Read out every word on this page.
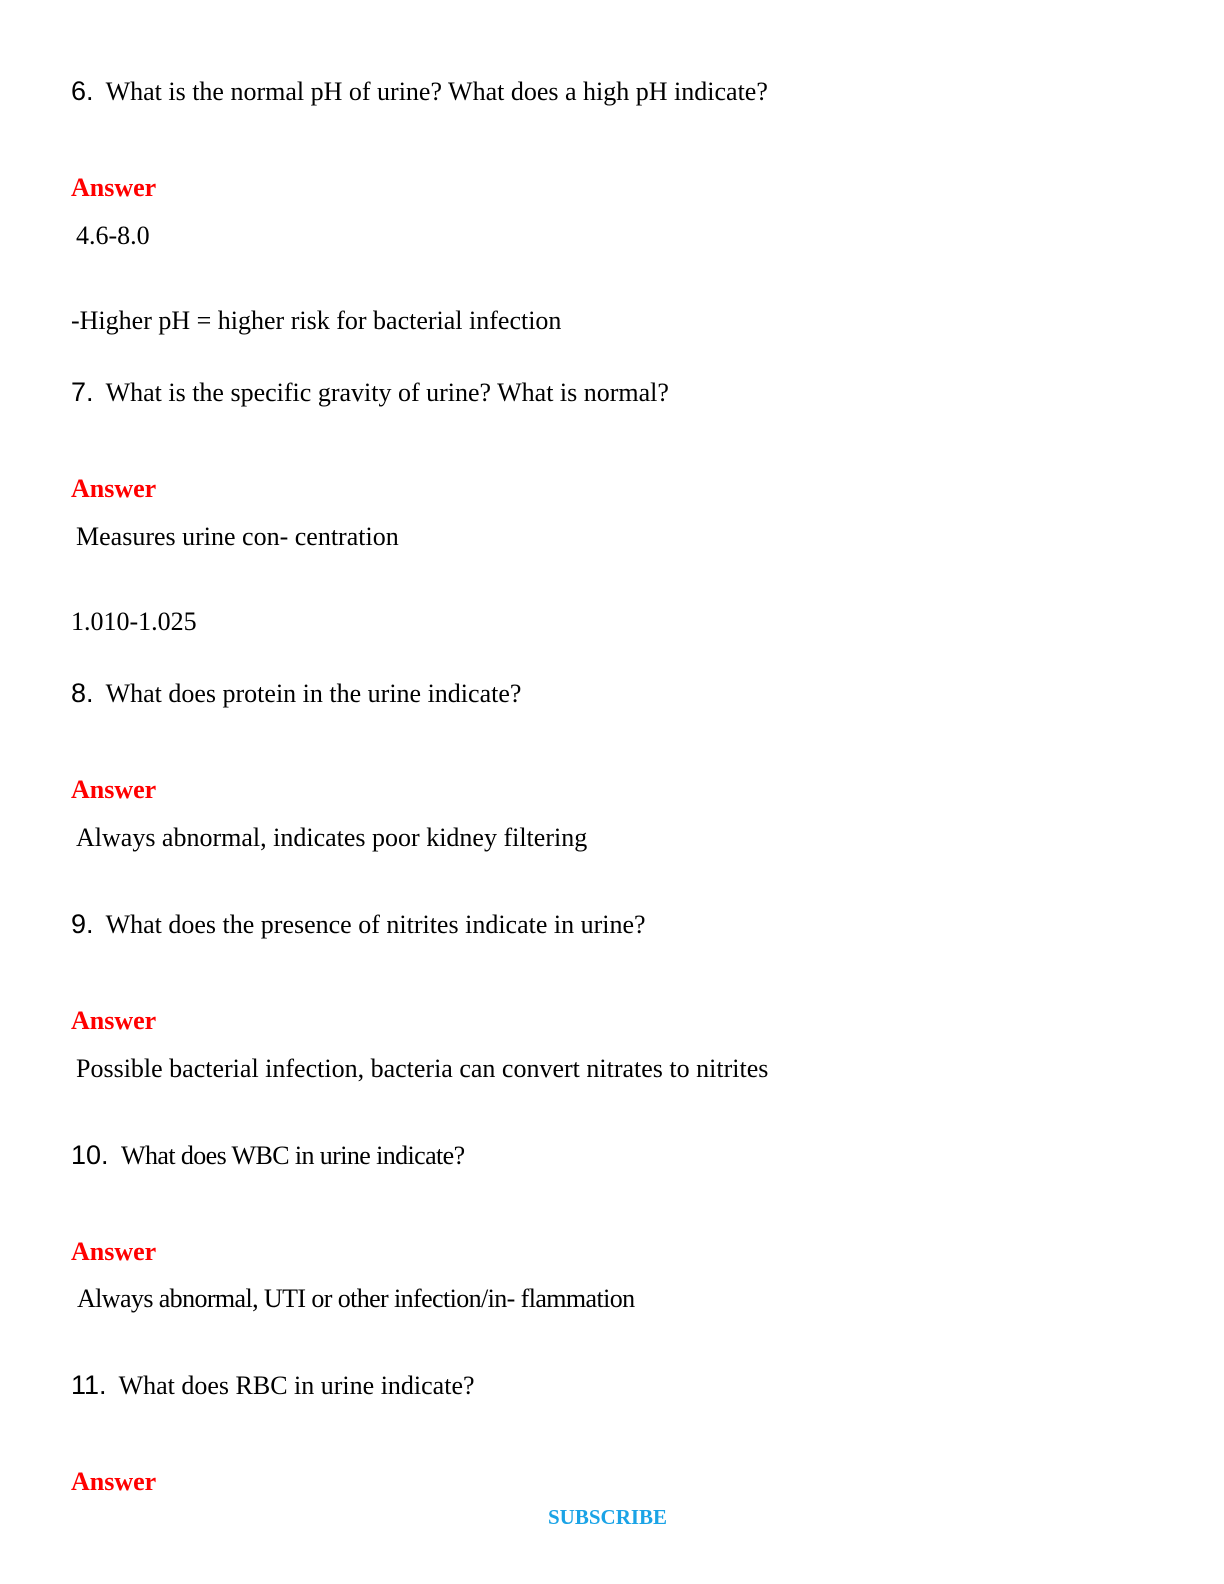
6. What is the normal pH of urine? What does a high pH indicate?
Answer
4.6-8.0
-Higher pH = higher risk for bacterial infection
7. What is the specific gravity of urine? What is normal?
Answer
Measures urine con- centration
1.010-1.025
8. What does protein in the urine indicate?
Answer
Always abnormal, indicates poor kidney filtering
9. What does the presence of nitrites indicate in urine?
Answer
Possible bacterial infection, bacteria can convert nitrates to nitrites
10. What does WBC in urine indicate?
Answer
Always abnormal, UTI or other infection/in- flammation
11. What does RBC in urine indicate?
Answer
SUBSCRIBE
